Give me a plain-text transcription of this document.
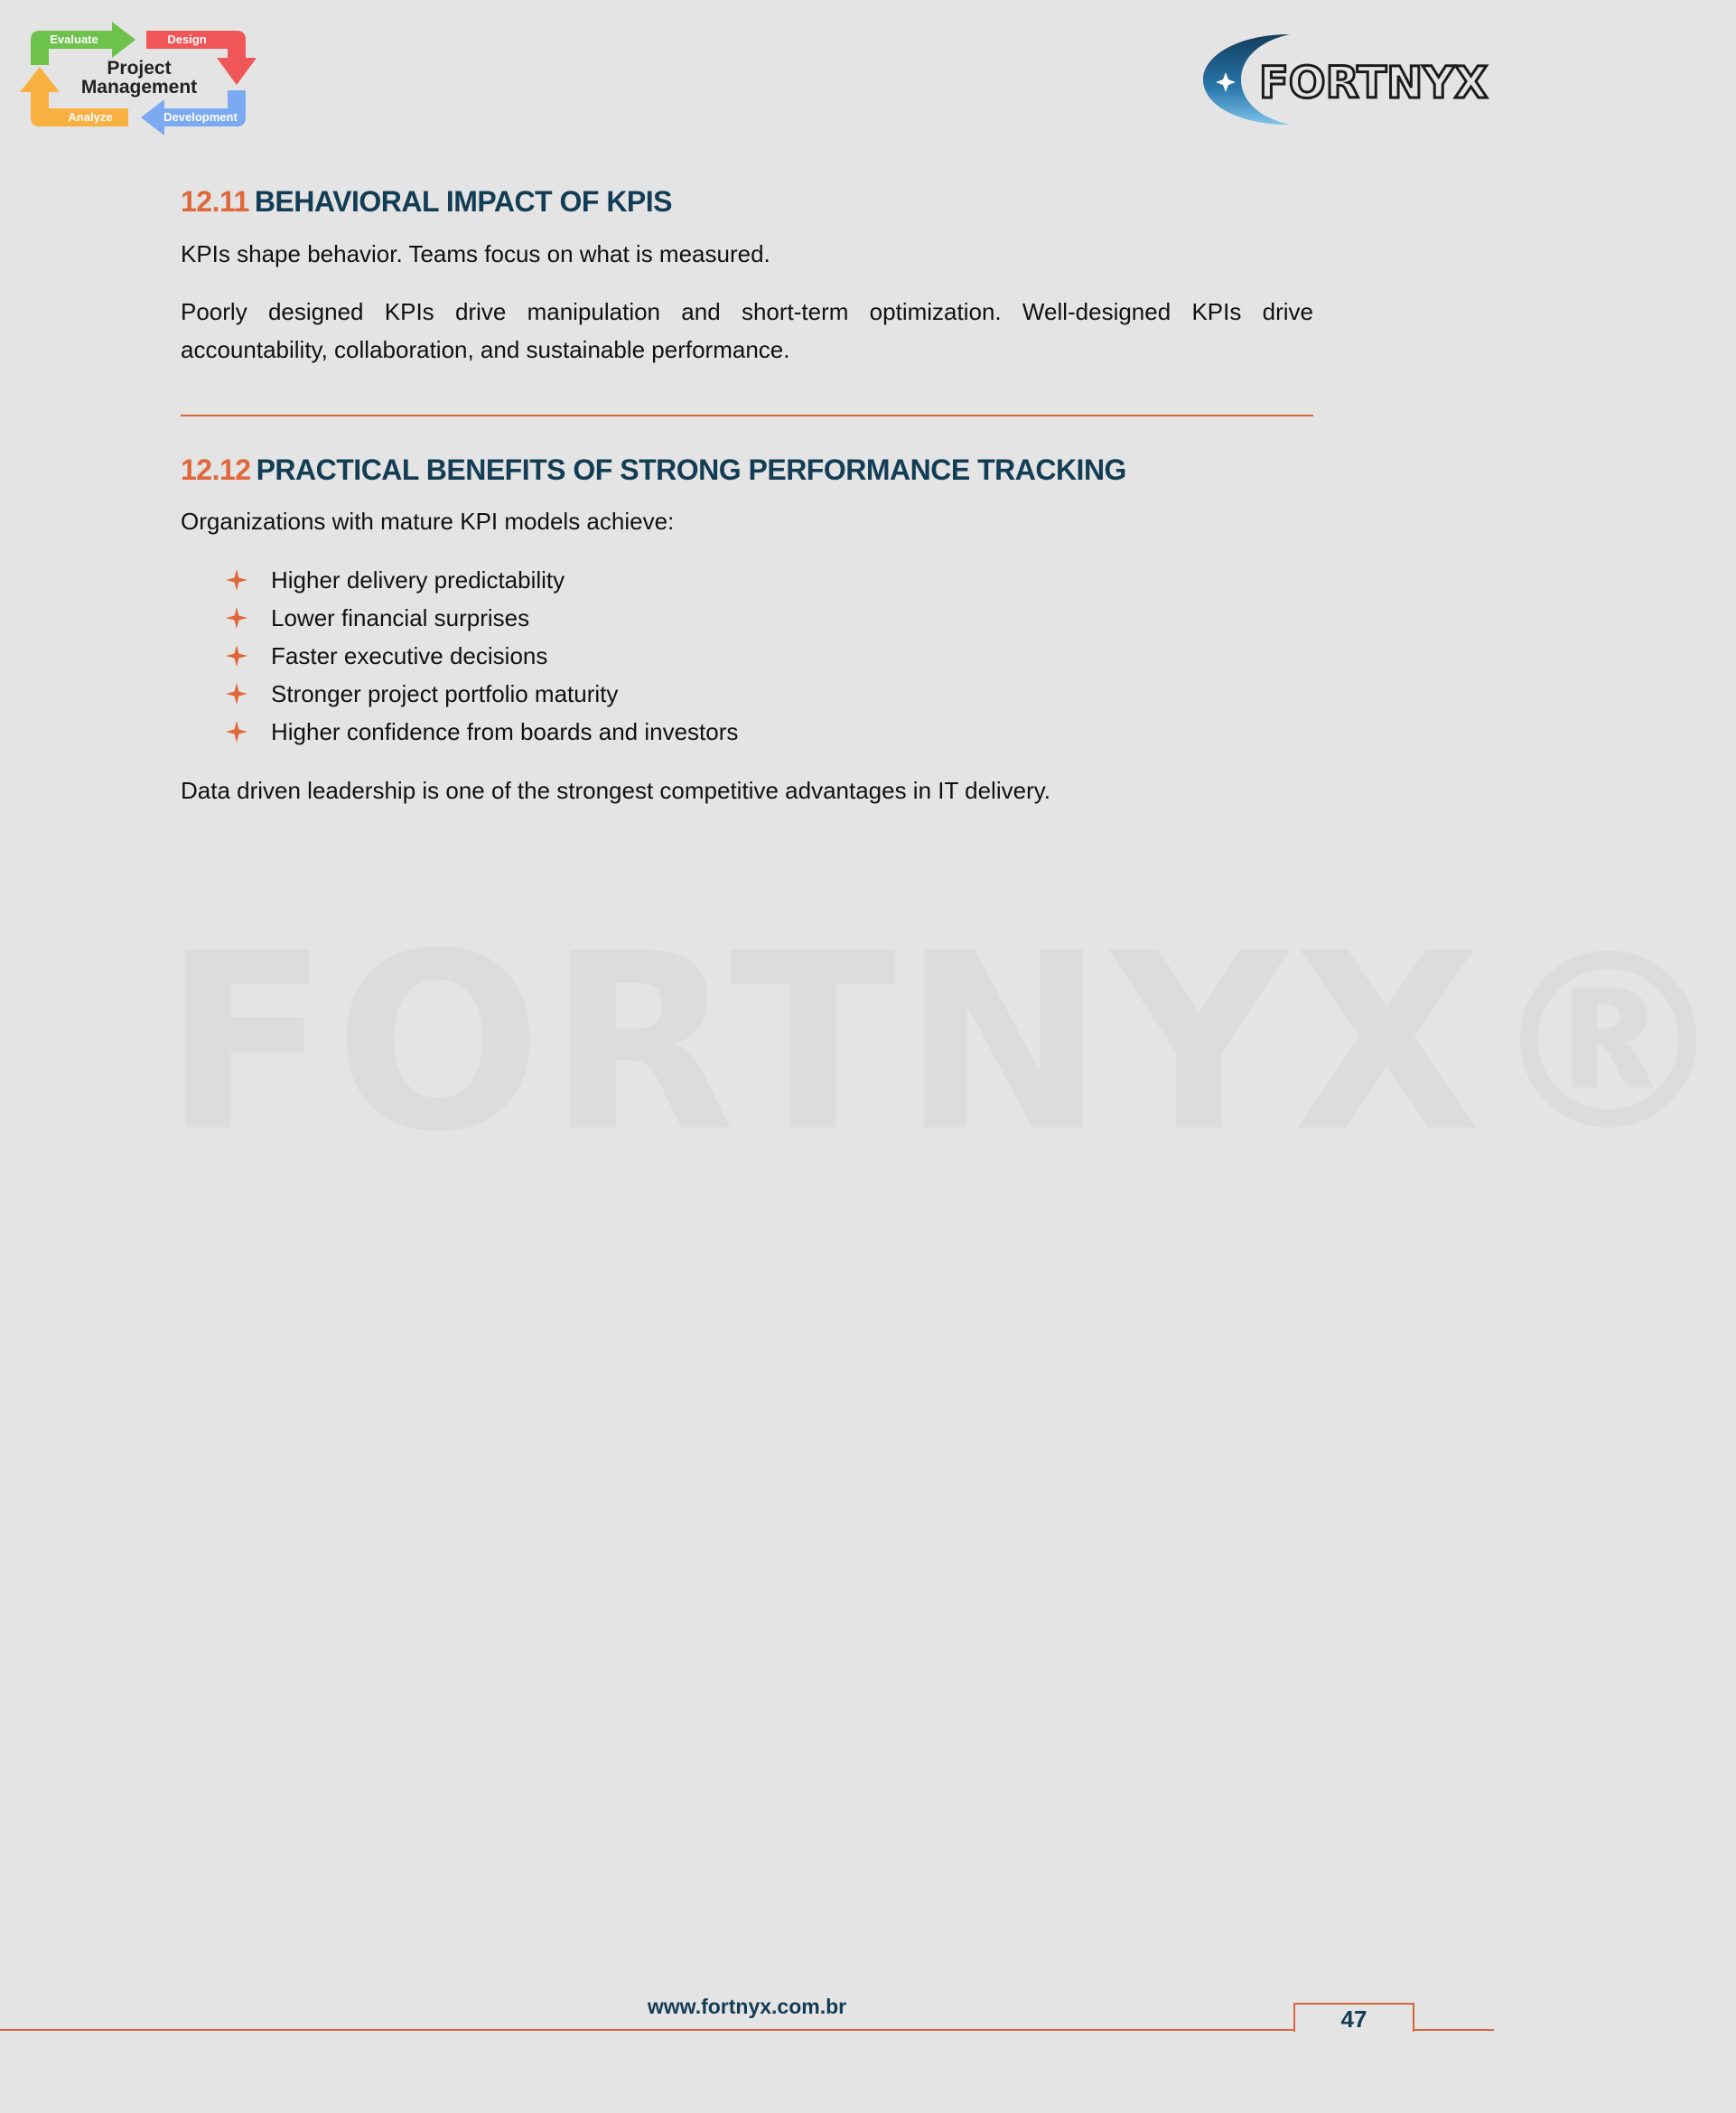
Evaluate	Design
Development
Analyze
Project
Management	FORTNYX
FORTNYX®
12.11 BEHAVIORAL IMPACT OF KPIS

KPIs shape behavior. Teams focus on what is measured.

Poorly designed KPIs drive manipulation and short-term optimization. Well-designed KPIs drive accountability, collaboration, and sustainable performance.

12.12 PRACTICAL BENEFITS OF STRONG PERFORMANCE TRACKING

Organizations with mature KPI models achieve:

Higher delivery predictability
Lower financial surprises
Faster executive decisions
Stronger project portfolio maturity
Higher confidence from boards and investors

Data driven leadership is one of the strongest competitive advantages in IT delivery.

www.fortnyx.com.br	47
